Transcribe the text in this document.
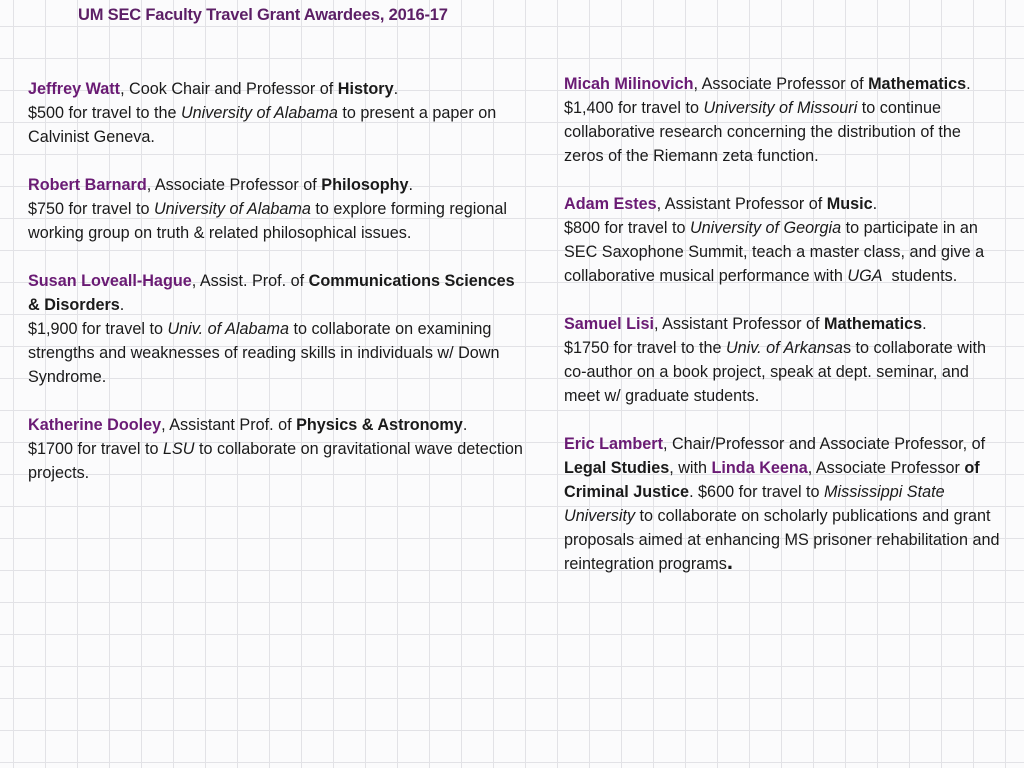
UM SEC Faculty Travel Grant Awardees, 2016-17
Jeffrey Watt, Cook Chair and Professor of History.
$500 for travel to the University of Alabama to present a paper on Calvinist Geneva.
Robert Barnard, Associate Professor of Philosophy.
$750 for travel to University of Alabama to explore forming regional working group on truth & related philosophical issues.
Susan Loveall-Hague, Assist. Prof. of Communications Sciences & Disorders.
$1,900 for travel to Univ. of Alabama to collaborate on examining strengths and weaknesses of reading skills in individuals w/ Down Syndrome.
Katherine Dooley, Assistant Prof. of Physics & Astronomy.
$1700 for travel to LSU to collaborate on gravitational wave detection projects.
Micah Milinovich, Associate Professor of Mathematics.
$1,400 for travel to University of Missouri to continue collaborative research concerning the distribution of the zeros of the Riemann zeta function.
Adam Estes, Assistant Professor of Music.
$800 for travel to University of Georgia to participate in an SEC Saxophone Summit, teach a master class, and give a collaborative musical performance with UGA  students.
Samuel Lisi, Assistant Professor of Mathematics.
$1750 for travel to the Univ. of Arkansas to collaborate with co-author on a book project, speak at dept. seminar, and meet w/ graduate students.
Eric Lambert, Chair/Professor and Associate Professor, of Legal Studies, with Linda Keena, Associate Professor of Criminal Justice. $600 for travel to Mississippi State University to collaborate on scholarly publications and grant proposals aimed at enhancing MS prisoner rehabilitation and reintegration programs.
